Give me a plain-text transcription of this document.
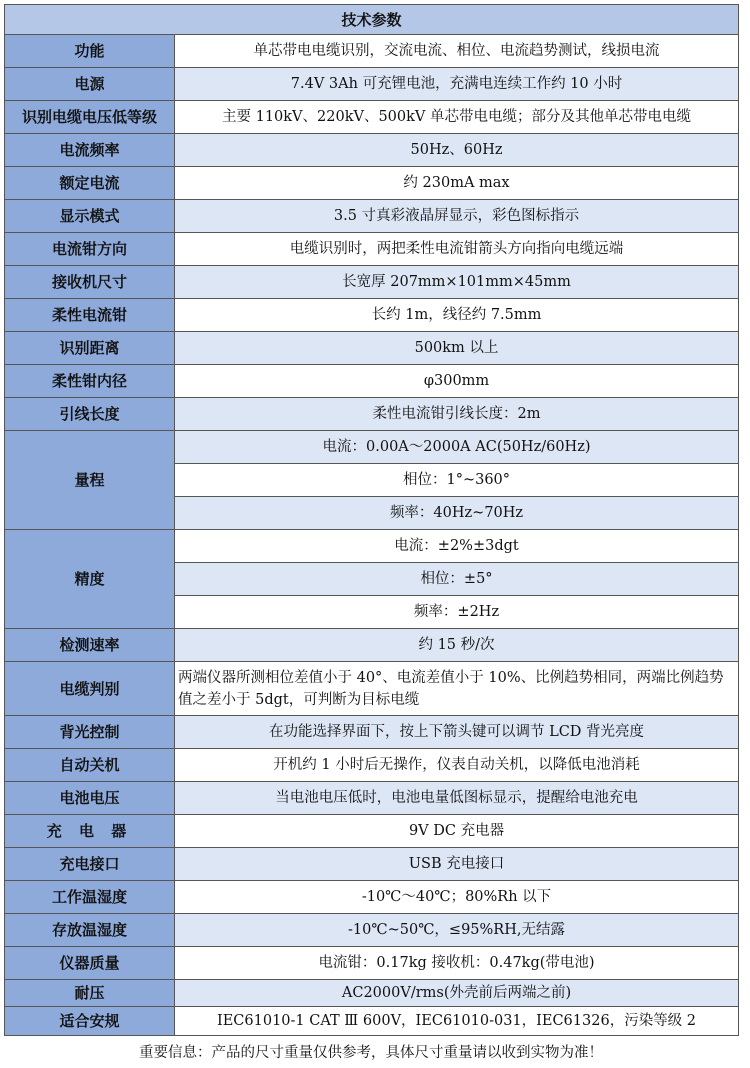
技术参数	
功能	单芯带电电缆识别，交流电流、相位、电流趋势测试，线损电流
电源	7.4V 3Ah 可充锂电池，充满电连续工作约 10 小时
识别电缆电压低等级	主要 110kV、220kV、500kV 单芯带电电缆；部分及其他单芯带电电缆
电流频率	50Hz、60Hz
额定电流	约 230mA max
显示模式	3.5 寸真彩液晶屏显示，彩色图标指示
电流钳方向	电缆识别时，两把柔性电流钳箭头方向指向电缆远端
接收机尺寸	长宽厚 207mm×101mm×45mm
柔性电流钳	长约 1m，线径约 7.5mm
识别距离	500km 以上
柔性钳内径	φ300mm
引线长度	柔性电流钳引线长度：2m
量程	电流：0.00A～2000A AC(50Hz/60Hz)
	相位：1°~360°
	频率：40Hz~70Hz
精度	电流：±2%±3dgt
	相位：±5°
	频率：±2Hz
检测速率	约 15 秒/次
电缆判别	两端仪器所测相位差值小于 40°、电流差值小于 10%、比例趋势相同，两端比例趋势值之差小于 5dgt，可判断为目标电缆
背光控制	在功能选择界面下，按上下箭头键可以调节 LCD 背光亮度
自动关机	开机约 1 小时后无操作，仪表自动关机，以降低电池消耗
电池电压	当电池电压低时，电池电量低图标显示，提醒给电池充电
充 电 器	9V DC 充电器
充电接口	USB 充电接口
工作温湿度	-10℃～40℃；80%Rh 以下
存放温湿度	-10℃~50℃，≤95%RH,无结露
仪器质量	电流钳：0.17kg 接收机：0.47kg(带电池)
耐压	AC2000V/rms(外壳前后两端之前)
适合安规	IEC61010-1 CAT Ⅲ 600V，IEC61010-031，IEC61326，污染等级 2
重要信息：产品的尺寸重量仅供参考，具体尺寸重量请以收到实物为准！
